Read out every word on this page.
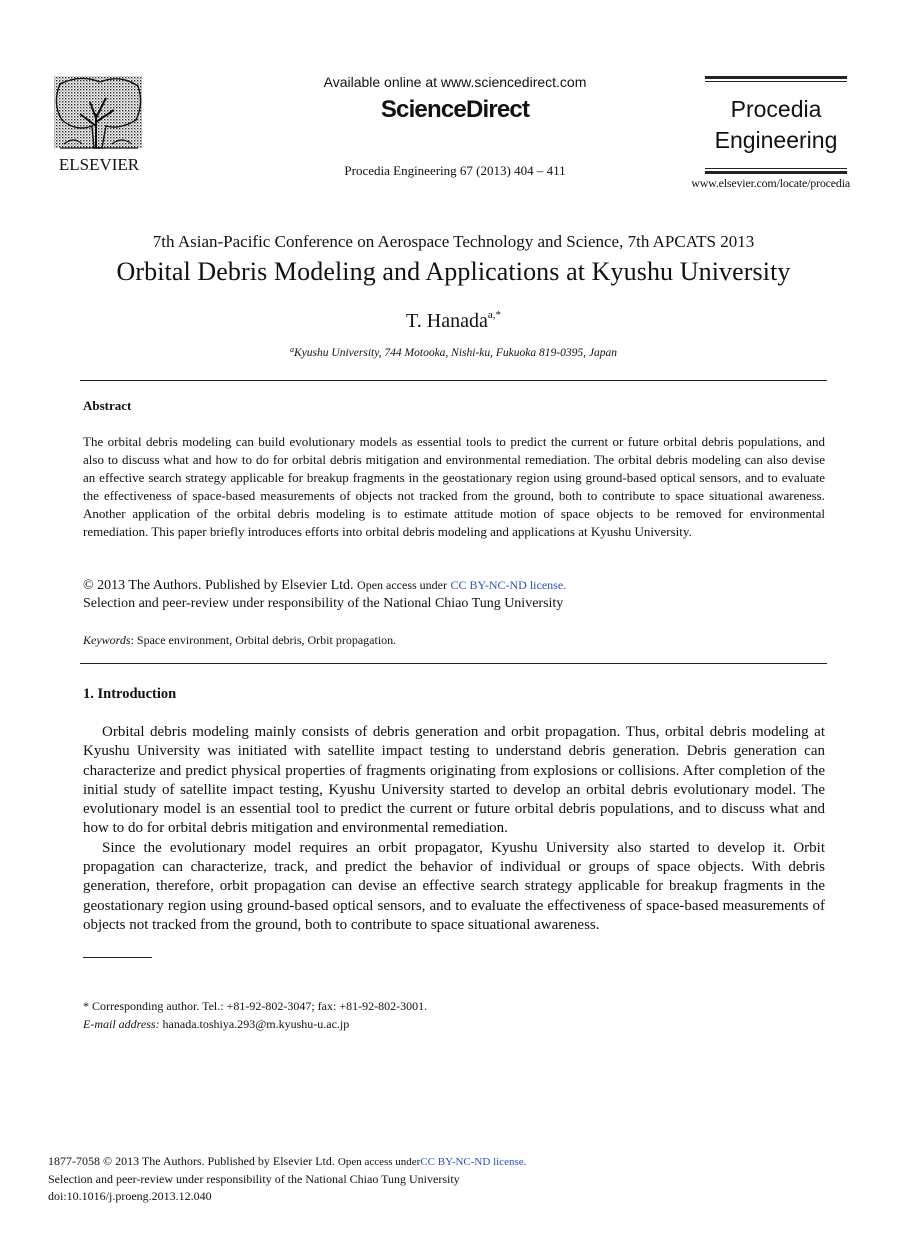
ELSEVIER
Available online at www.sciencedirect.com
ScienceDirect
Procedia Engineering 67 (2013) 404 – 411
Procedia
Engineering
www.elsevier.com/locate/procedia
7th Asian-Pacific Conference on Aerospace Technology and Science, 7th APCATS 2013
Orbital Debris Modeling and Applications at Kyushu University
T. Hanada$^{a,*}$
$^a$Kyushu University, 744 Motooka, Nishi-ku, Fukuoka 819-0395, Japan
Abstract
The orbital debris modeling can build evolutionary models as essential tools to predict the current or future orbital debris populations, and also to discuss what and how to do for orbital debris mitigation and environmental remediation. The orbital debris modeling can also devise an effective search strategy applicable for breakup fragments in the geostationary region using ground-based optical sensors, and to evaluate the effectiveness of space-based measurements of objects not tracked from the ground, both to contribute to space situational awareness. Another application of the orbital debris modeling is to estimate attitude motion of space objects to be removed for environmental remediation. This paper briefly introduces efforts into orbital debris modeling and applications at Kyushu University.
© 2013 The Authors. Published by Elsevier Ltd. Open access under CC BY-NC-ND license.
Selection and peer-review under responsibility of the National Chiao Tung University
Keywords: Space environment, Orbital debris, Orbit propagation.
1. Introduction

Orbital debris modeling mainly consists of debris generation and orbit propagation. Thus, orbital debris modeling at Kyushu University was initiated with satellite impact testing to understand debris generation. Debris generation can characterize and predict physical properties of fragments originating from explosions or collisions. After completion of the initial study of satellite impact testing, Kyushu University started to develop an orbital debris evolutionary model. The evolutionary model is an essential tool to predict the current or future orbital debris populations, and to discuss what and how to do for orbital debris mitigation and environmental remediation.

Since the evolutionary model requires an orbit propagator, Kyushu University also started to develop it. Orbit propagation can characterize, track, and predict the behavior of individual or groups of space objects. With debris generation, therefore, orbit propagation can devise an effective search strategy applicable for breakup fragments in the geostationary region using ground-based optical sensors, and to evaluate the effectiveness of space-based measurements of objects not tracked from the ground, both to contribute to space situational awareness.

* Corresponding author. Tel.: +81-92-802-3047; fax: +81-92-802-3001.
E-mail address: hanada.toshiya.293@m.kyushu-u.ac.jp
1877-7058 © 2013 The Authors. Published by Elsevier Ltd. Open access underCC BY-NC-ND license.
Selection and peer-review under responsibility of the National Chiao Tung University
doi:10.1016/j.proeng.2013.12.040
